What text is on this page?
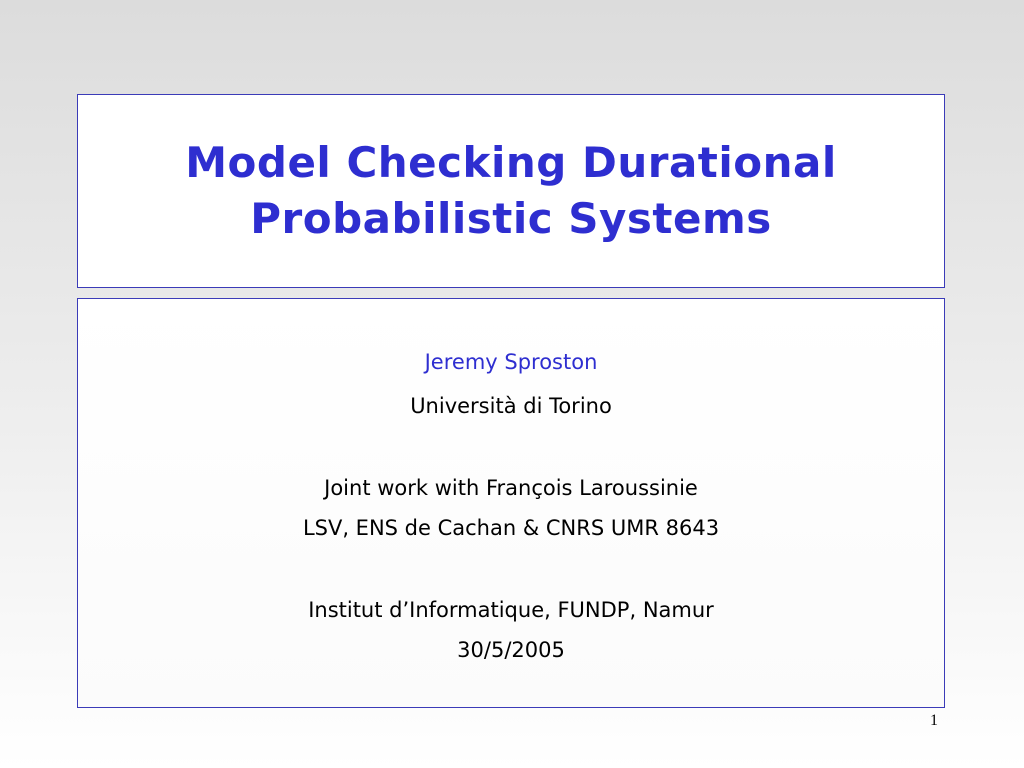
Model Checking Durational
Probabilistic Systems
Jeremy Sproston
Università di Torino
Joint work with François Laroussinie
LSV, ENS de Cachan & CNRS UMR 8643
Institut d’Informatique, FUNDP, Namur
30/5/2005
1
